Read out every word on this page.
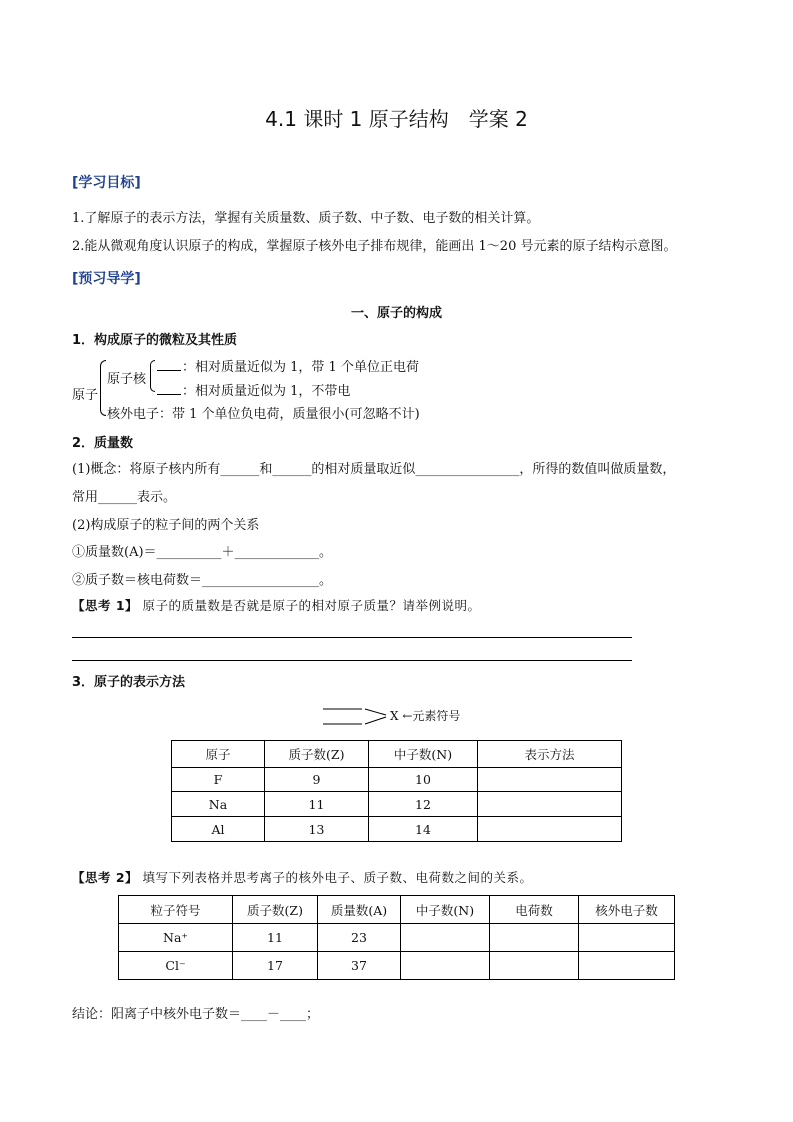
4.1 课时 1 原子结构　学案 2
[学习目标]
1.了解原子的表示方法，掌握有关质量数、质子数、中子数、电子数的相关计算。
2.能从微观角度认识原子的构成，掌握原子核外电子排布规律，能画出 1～20 号元素的原子结构示意图。
[预习导学]
一、原子的构成
1．构成原子的微粒及其性质
原子
原子核
：相对质量近似为 1，带 1 个单位正电荷
：相对质量近似为 1，不带电
核外电子：带 1 个单位负电荷，质量很小(可忽略不计)
2．质量数
(1)概念：将原子核内所有______和______的相对质量取近似________________，所得的数值叫做质量数，
常用______表示。
(2)构成原子的粒子间的两个关系
①质量数(A)＝__________＋_____________。
②质子数＝核电荷数＝__________________。
【思考 1】 原子的质量数是否就是原子的相对原子质量？请举例说明。
3．原子的表示方法
X ←元素符号
原子	质子数(Z)	中子数(N)	表示方法
F	9	10	
Na	11	12	
Al	13	14	
【思考 2】 填写下列表格并思考离子的核外电子、质子数、电荷数之间的关系。
粒子符号	质子数(Z)	质量数(A)	中子数(N)	电荷数	核外电子数
Na⁺	11	23			
Cl⁻	17	37			
结论：阳离子中核外电子数＝____－____；
